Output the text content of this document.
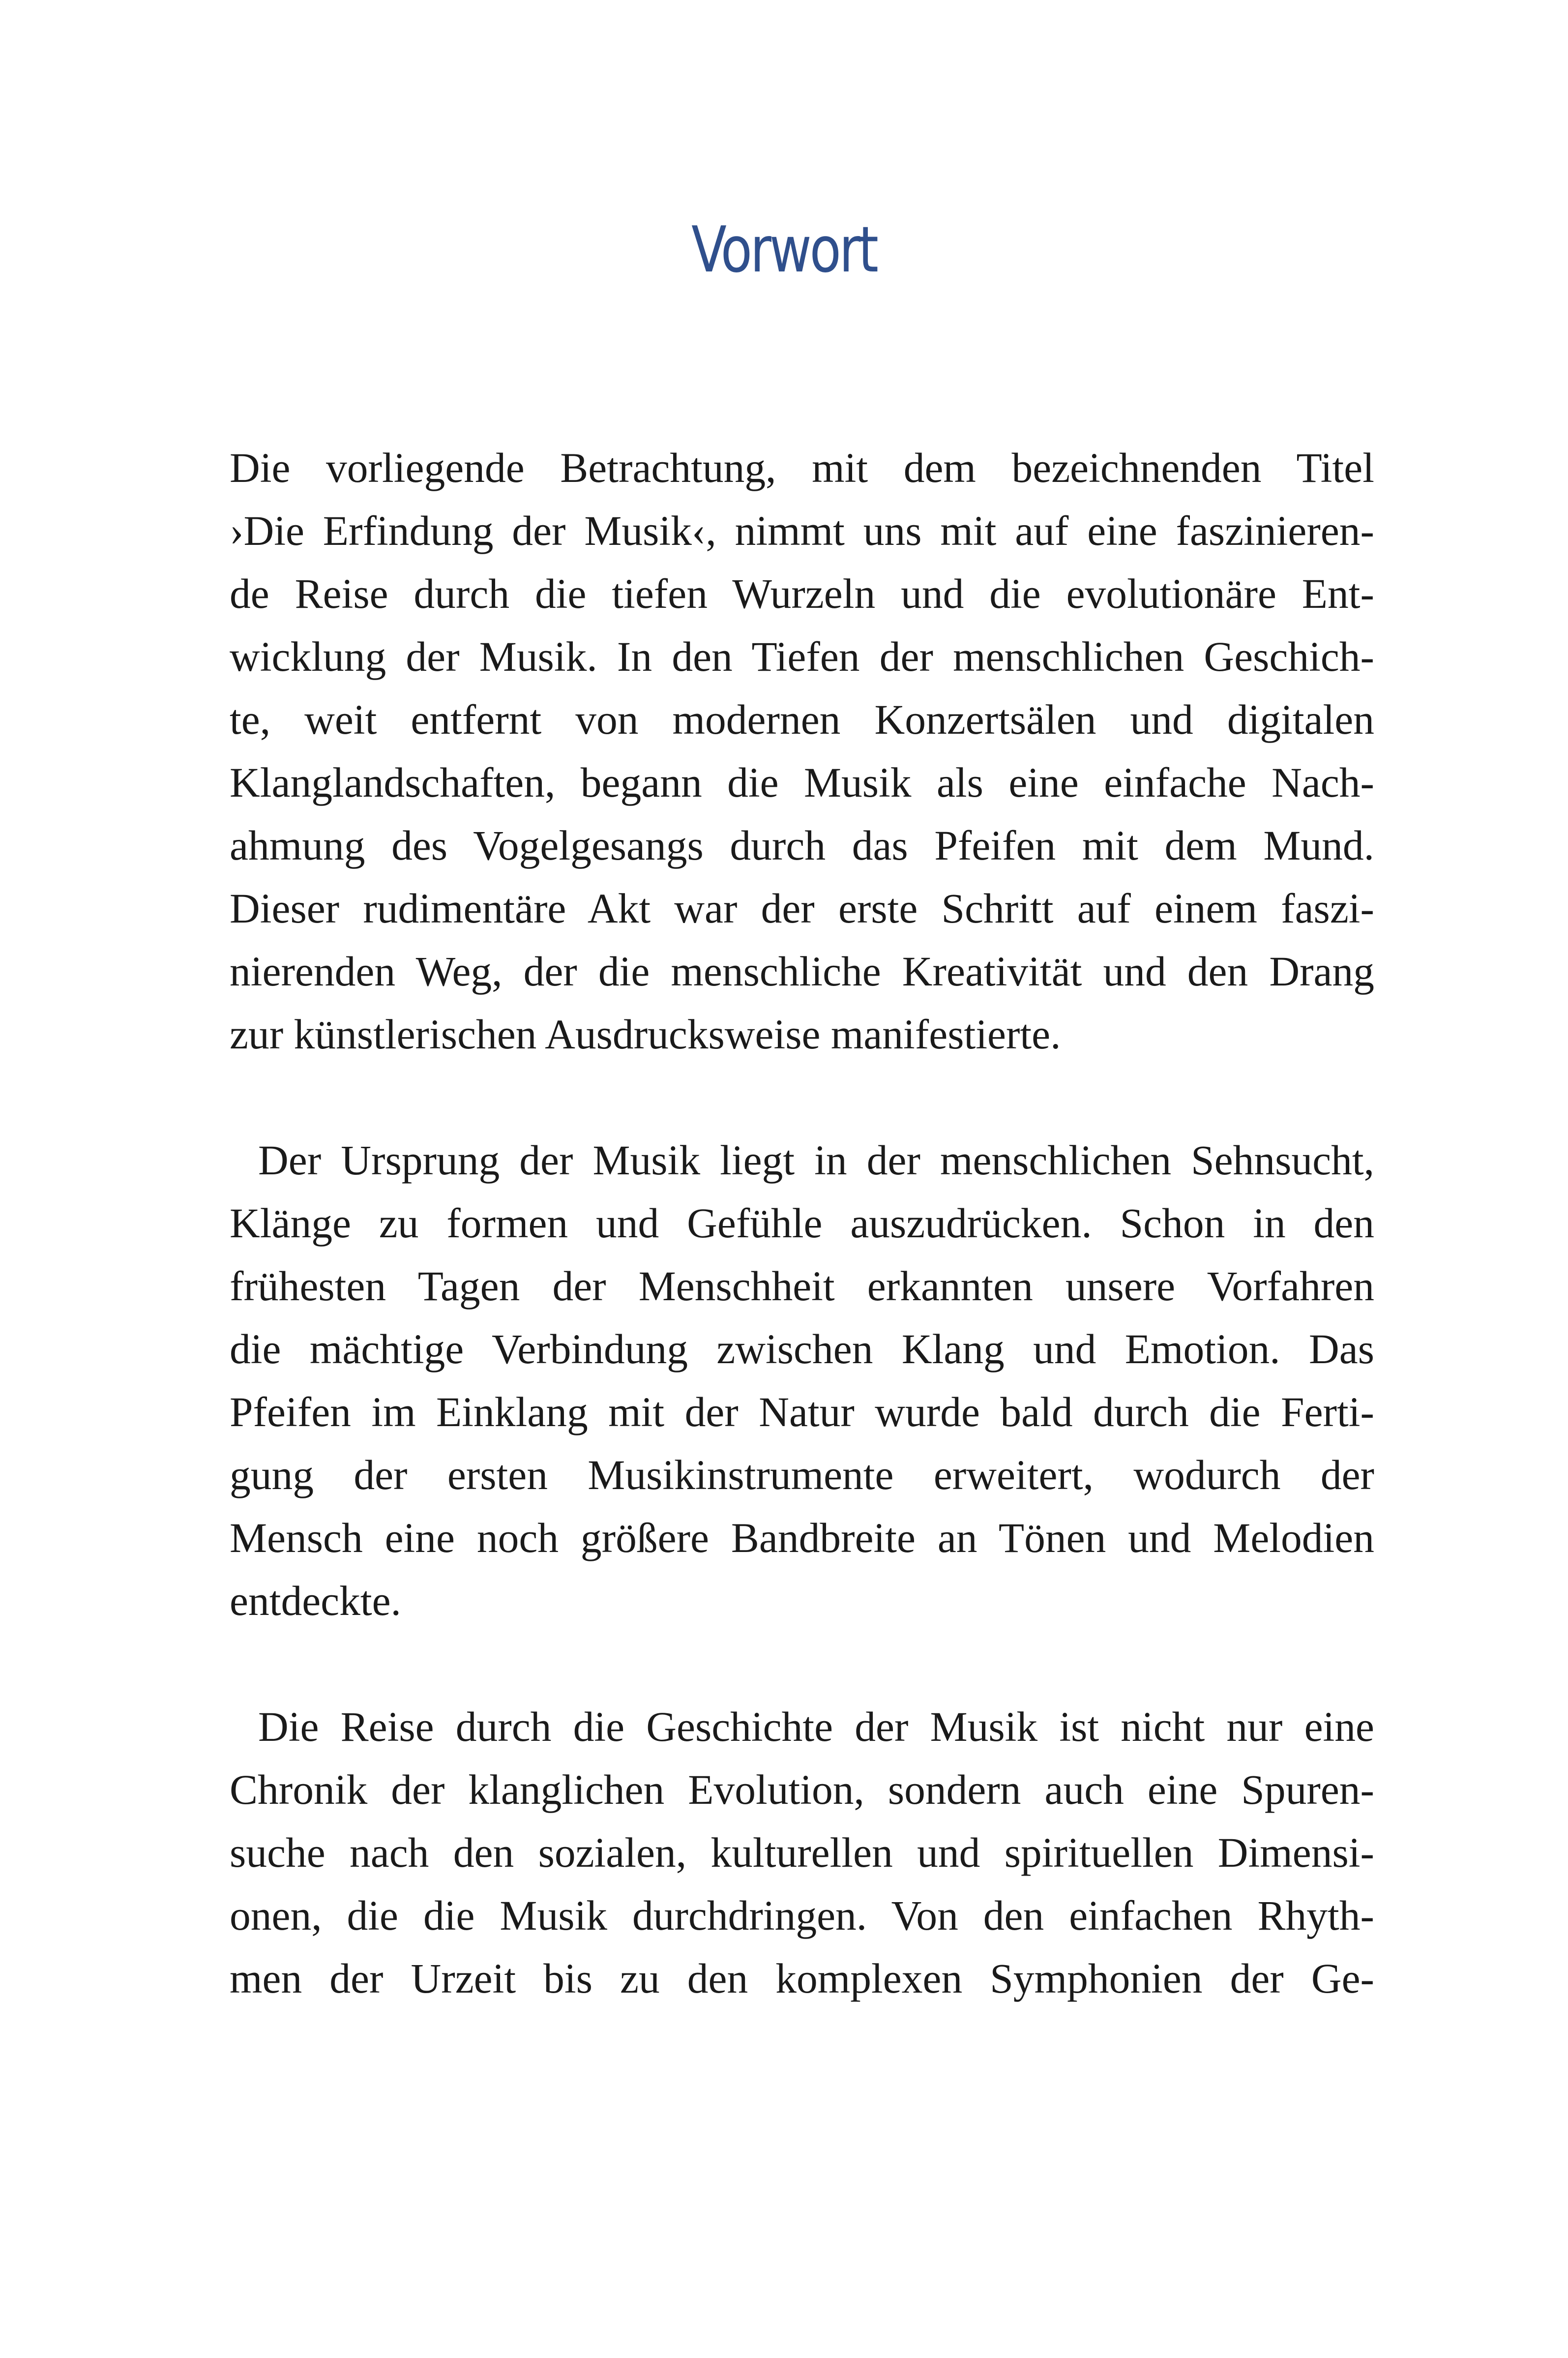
Vorwort

Die vorliegende Betrachtung, mit dem bezeichnenden Titel
›Die Erfindung der Musik‹, nimmt uns mit auf eine faszinieren-
de Reise durch die tiefen Wurzeln und die evolutionäre Ent-
wicklung der Musik. In den Tiefen der menschlichen Geschich-
te, weit entfernt von modernen Konzertsälen und digitalen
Klanglandschaften, begann die Musik als eine einfache Nach-
ahmung des Vogelgesangs durch das Pfeifen mit dem Mund.
Dieser rudimentäre Akt war der erste Schritt auf einem faszi-
nierenden Weg, der die menschliche Kreativität und den Drang
zur künstlerischen Ausdrucksweise manifestierte.

Der Ursprung der Musik liegt in der menschlichen Sehnsucht,
Klänge zu formen und Gefühle auszudrücken. Schon in den
frühesten Tagen der Menschheit erkannten unsere Vorfahren
die mächtige Verbindung zwischen Klang und Emotion. Das
Pfeifen im Einklang mit der Natur wurde bald durch die Ferti-
gung der ersten Musikinstrumente erweitert, wodurch der
Mensch eine noch größere Bandbreite an Tönen und Melodien
entdeckte.

Die Reise durch die Geschichte der Musik ist nicht nur eine
Chronik der klanglichen Evolution, sondern auch eine Spuren-
suche nach den sozialen, kulturellen und spirituellen Dimensi-
onen, die die Musik durchdringen. Von den einfachen Rhyth-
men der Urzeit bis zu den komplexen Symphonien der Ge-
